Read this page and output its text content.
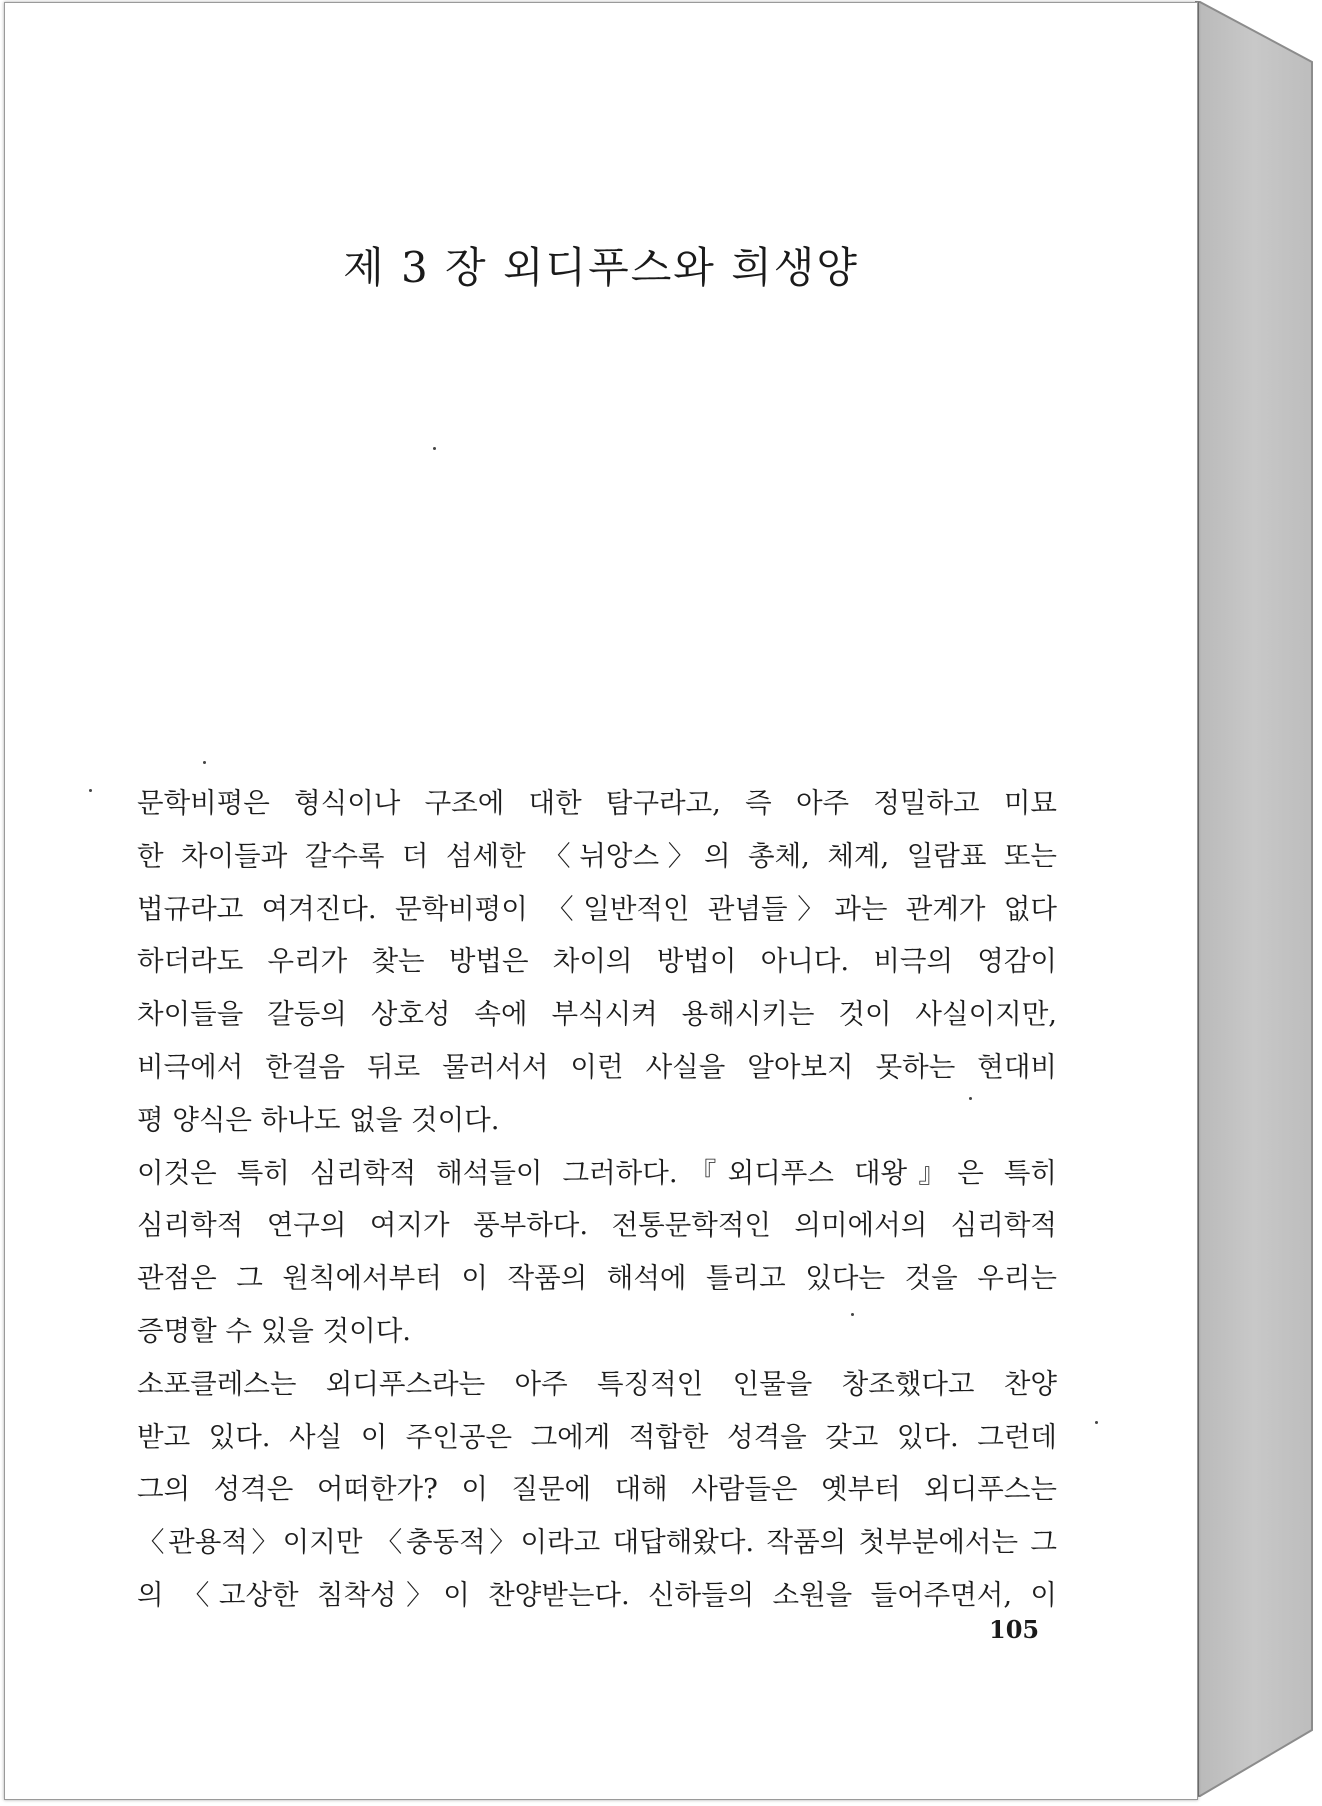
제 3 장 외디푸스와 희생양
문학비평은 형식이나 구조에 대한 탐구라고, 즉 아주 정밀하고 미묘
한 차이들과 갈수록 더 섬세한 〈뉘앙스〉의 총체, 체계, 일람표 또는
법규라고 여겨진다. 문학비평이 〈일반적인 관념들〉과는 관계가 없다
하더라도 우리가 찾는 방법은 차이의 방법이 아니다. 비극의 영감이
차이들을 갈등의 상호성 속에 부식시켜 용해시키는 것이 사실이지만,
비극에서 한걸음 뒤로 물러서서 이런 사실을 알아보지 못하는 현대비
평 양식은 하나도 없을 것이다.
이것은 특히 심리학적 해석들이 그러하다.『외디푸스 대왕』은 특히
심리학적 연구의 여지가 풍부하다. 전통문학적인 의미에서의 심리학적
관점은 그 원칙에서부터 이 작품의 해석에 틀리고 있다는 것을 우리는
증명할 수 있을 것이다.
소포클레스는 외디푸스라는 아주 특징적인 인물을 창조했다고 찬양
받고 있다. 사실 이 주인공은 그에게 적합한 성격을 갖고 있다. 그런데
그의 성격은 어떠한가? 이 질문에 대해 사람들은 옛부터 외디푸스는
〈관용적〉이지만 〈충동적〉이라고 대답해왔다. 작품의 첫부분에서는 그
의 〈고상한 침착성〉이 찬양받는다. 신하들의 소원을 들어주면서, 이
105
